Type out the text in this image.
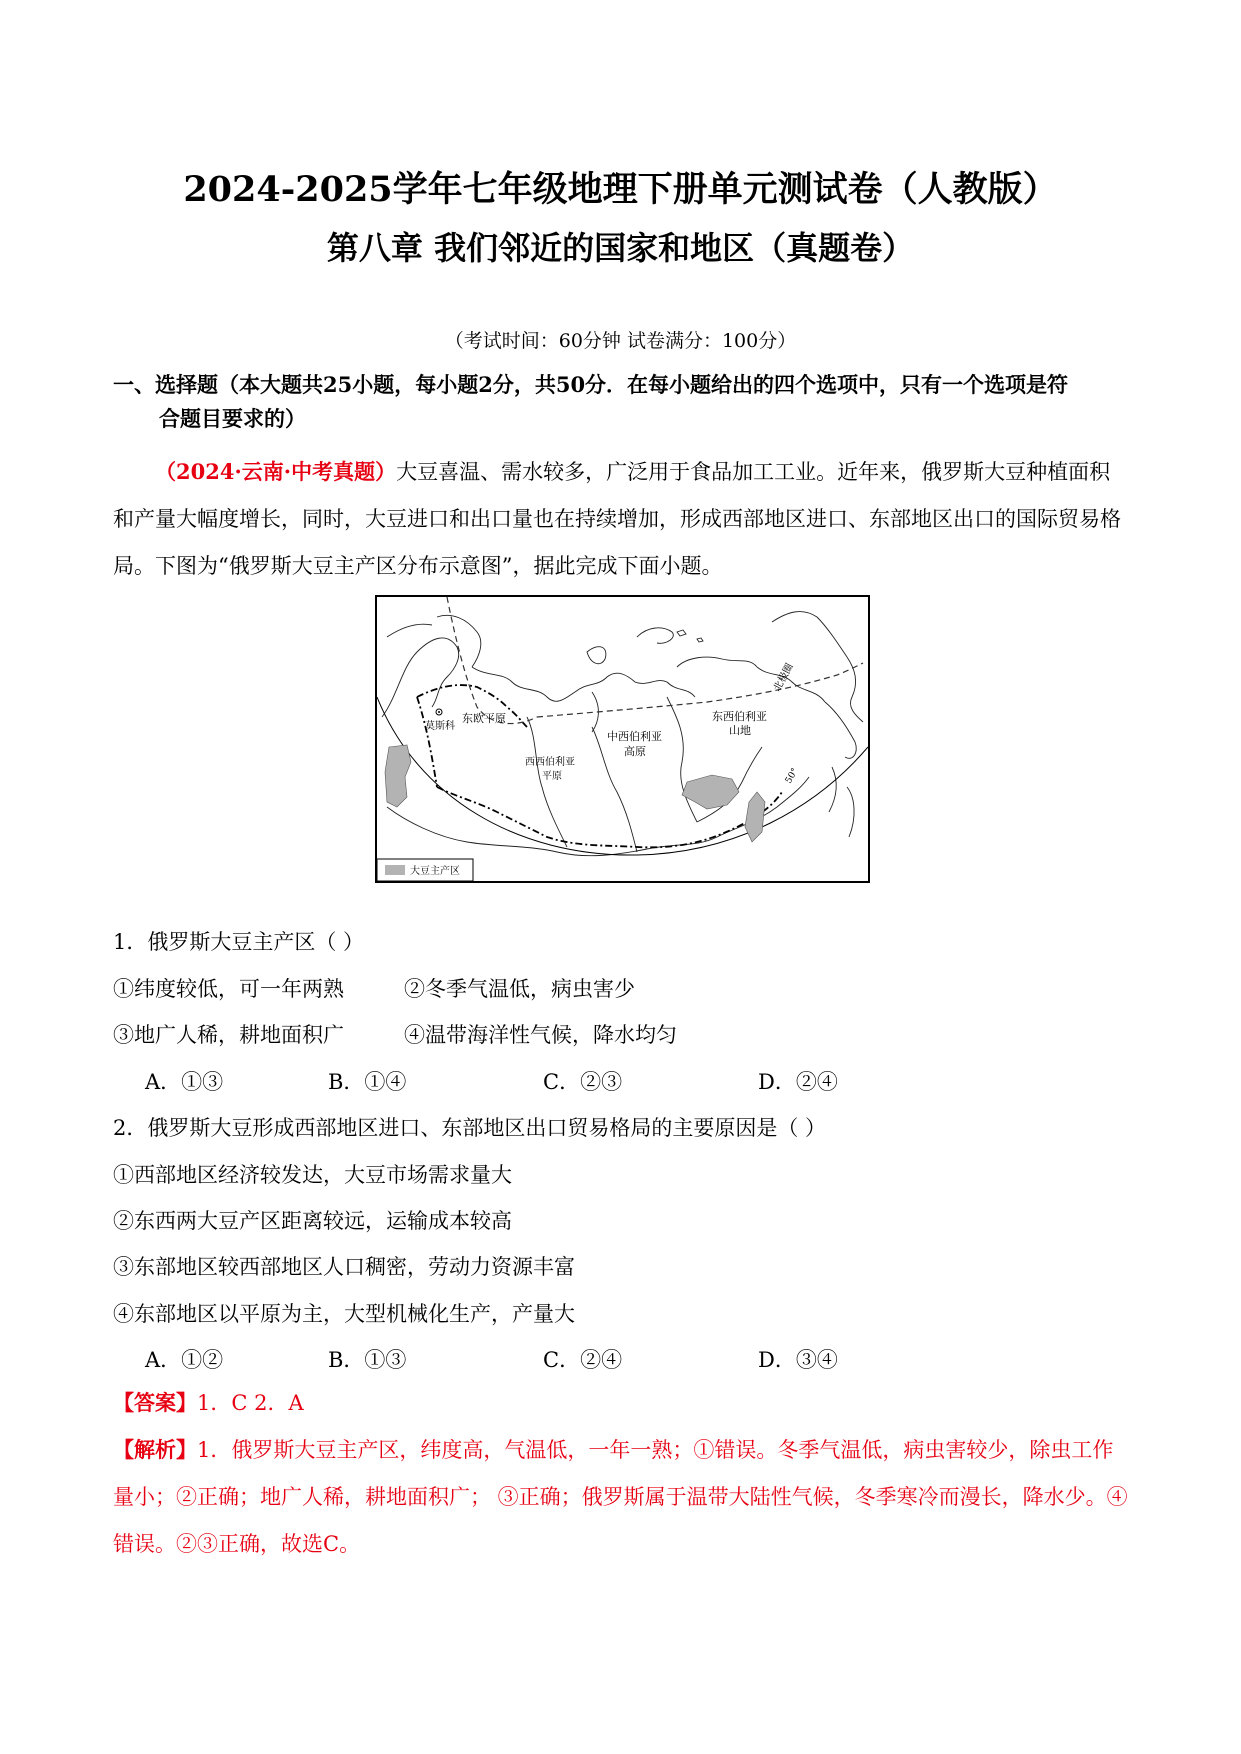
2024-2025学年七年级地理下册单元测试卷（人教版）
第八章 我们邻近的国家和地区（真题卷）
（考试时间：60分钟 试卷满分：100分）
一、选择题（本大题共25小题，每小题2分，共50分．在每小题给出的四个选项中，只有一个选项是符
合题目要求的）
（2024·云南·中考真题）大豆喜温、需水较多，广泛用于食品加工工业。近年来，俄罗斯大豆种植面积和产量大幅度增长，同时，大豆进口和出口量也在持续增加，形成西部地区进口、东部地区出口的国际贸易格局。下图为“俄罗斯大豆主产区分布示意图”，据此完成下面小题。
莫斯科
东欧平原
西西伯利亚
平原
中西伯利亚
高原
东西伯利亚
山地
北极圈
50°
大豆主产区
1．俄罗斯大豆主产区（ ）
①纬度较低，可一年两熟	②冬季气温低，病虫害少
③地广人稀，耕地面积广	④温带海洋性气候，降水均匀
A．①③	B．①④	C．②③	D．②④
2．俄罗斯大豆形成西部地区进口、东部地区出口贸易格局的主要原因是（ ）
①西部地区经济较发达，大豆市场需求量大
②东西两大豆产区距离较远，运输成本较高
③东部地区较西部地区人口稠密，劳动力资源丰富
④东部地区以平原为主，大型机械化生产，产量大
A．①②	B．①③	C．②④	D．③④
【答案】1．C 2．A
【解析】1．俄罗斯大豆主产区，纬度高，气温低，一年一熟；①错误。冬季气温低，病虫害较少，除虫工作量小；②正确；地广人稀，耕地面积广； ③正确；俄罗斯属于温带大陆性气候，冬季寒冷而漫长，降水少。④错误。②③正确，故选C。
